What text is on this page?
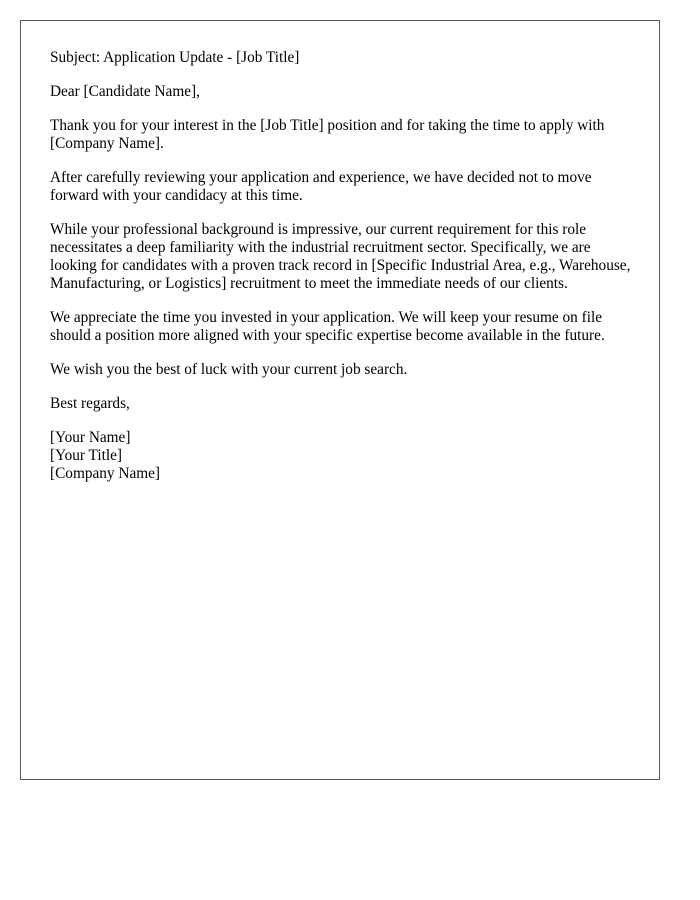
Subject: Application Update - [Job Title]

Dear [Candidate Name],

Thank you for your interest in the [Job Title] position and for taking the time to apply with [Company Name].

After carefully reviewing your application and experience, we have decided not to move forward with your candidacy at this time.

While your professional background is impressive, our current requirement for this role necessitates a deep familiarity with the industrial recruitment sector. Specifically, we are looking for candidates with a proven track record in [Specific Industrial Area, e.g., Warehouse, Manufacturing, or Logistics] recruitment to meet the immediate needs of our clients.

We appreciate the time you invested in your application. We will keep your resume on file should a position more aligned with your specific expertise become available in the future.

We wish you the best of luck with your current job search.

Best regards,

[Your Name]
[Your Title]
[Company Name]
